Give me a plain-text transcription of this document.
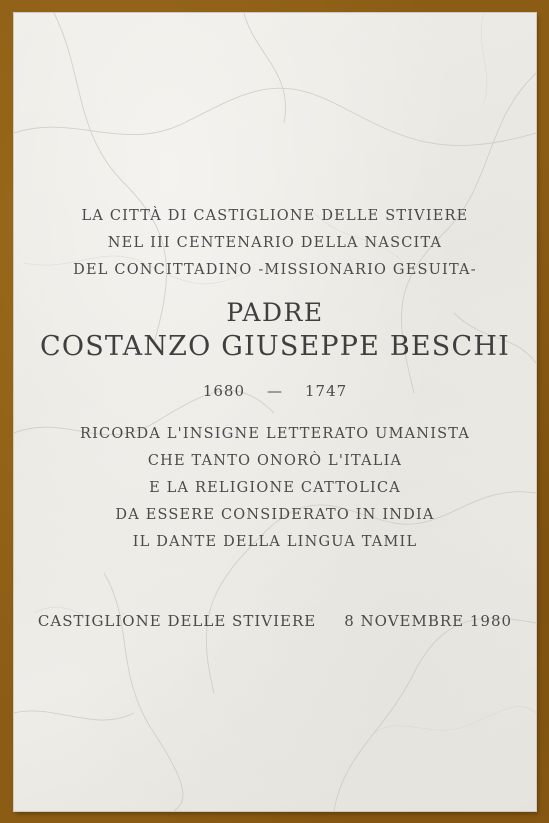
LA CITTÀ DI CASTIGLIONE DELLE STIVIERE
NEL III CENTENARIO DELLA NASCITA
DEL CONCITTADINO -MISSIONARIO GESUITA-
PADRE
COSTANZO GIUSEPPE BESCHI
1680 — 1747
RICORDA L'INSIGNE LETTERATO UMANISTA
CHE TANTO ONORÒ L'ITALIA
E LA RELIGIONE CATTOLICA
DA ESSERE CONSIDERATO IN INDIA
IL DANTE DELLA LINGUA TAMIL
CASTIGLIONE DELLE STIVIERE 8 NOVEMBRE 1980
